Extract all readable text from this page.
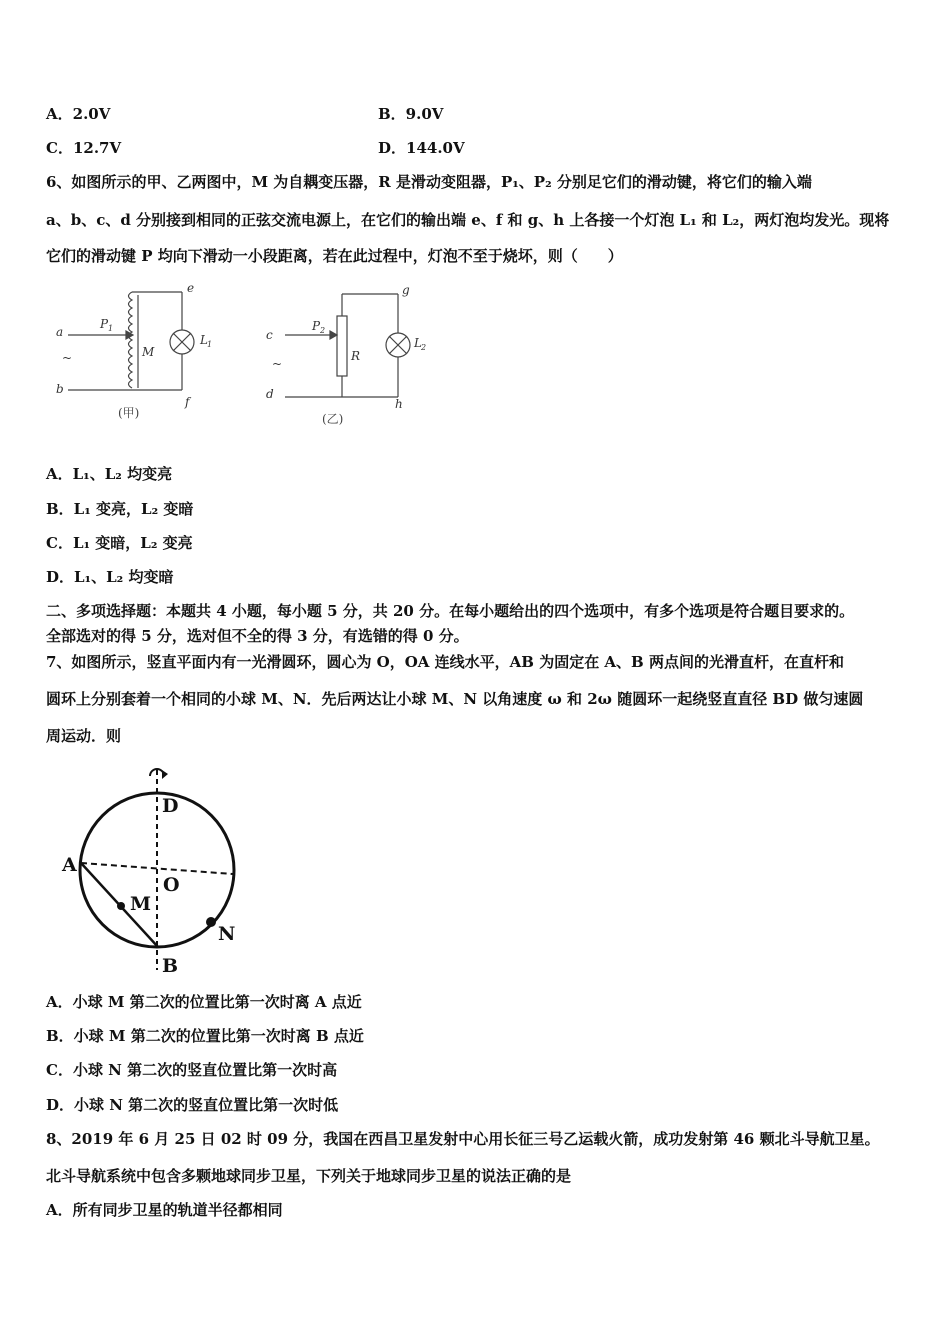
A．2.0V	B．9.0V
C．12.7V	D．144.0V
6、如图所示的甲、乙两图中，M 为自耦变压器，R 是滑动变阻器，P₁、P₂ 分别足它们的滑动键，将它们的输入端
a、b、c、d 分别接到相同的正弦交流电源上，在它们的输出端 e、f 和 g、h 上各接一个灯泡 L₁ 和 L₂，两灯泡均发光。现将
它们的滑动键 P 均向下滑动一小段距离，若在此过程中，灯泡不至于烧坏，则（　　）
a
b
~
e
f
P 1
M
L 1
c
d
~
g
h
P 2
R
L 2
(甲)	(乙)
A．L₁、L₂ 均变亮
B．L₁ 变亮，L₂ 变暗
C．L₁ 变暗，L₂ 变亮
D．L₁、L₂ 均变暗
二、多项选择题：本题共 4 小题，每小题 5 分，共 20 分。在每小题给出的四个选项中，有多个选项是符合题目要求的。
全部选对的得 5 分，选对但不全的得 3 分，有选错的得 0 分。
7、如图所示，竖直平面内有一光滑圆环，圆心为 O，OA 连线水平，AB 为固定在 A、B 两点间的光滑直杆，在直杆和
圆环上分别套着一个相同的小球 M、N．先后两达让小球 M、N 以角速度 ω 和 2ω 随圆环一起绕竖直直径 BD 做匀速圆
周运动．则
A
B
D
O
M
N
A．小球 M 第二次的位置比第一次时离 A 点近
B．小球 M 第二次的位置比第一次时离 B 点近
C．小球 N 第二次的竖直位置比第一次时高
D．小球 N 第二次的竖直位置比第一次时低
8、2019 年 6 月 25 日 02 时 09 分，我国在西昌卫星发射中心用长征三号乙运载火箭，成功发射第 46 颗北斗导航卫星。
北斗导航系统中包含多颗地球同步卫星，下列关于地球同步卫星的说法正确的是
A．所有同步卫星的轨道半径都相同
